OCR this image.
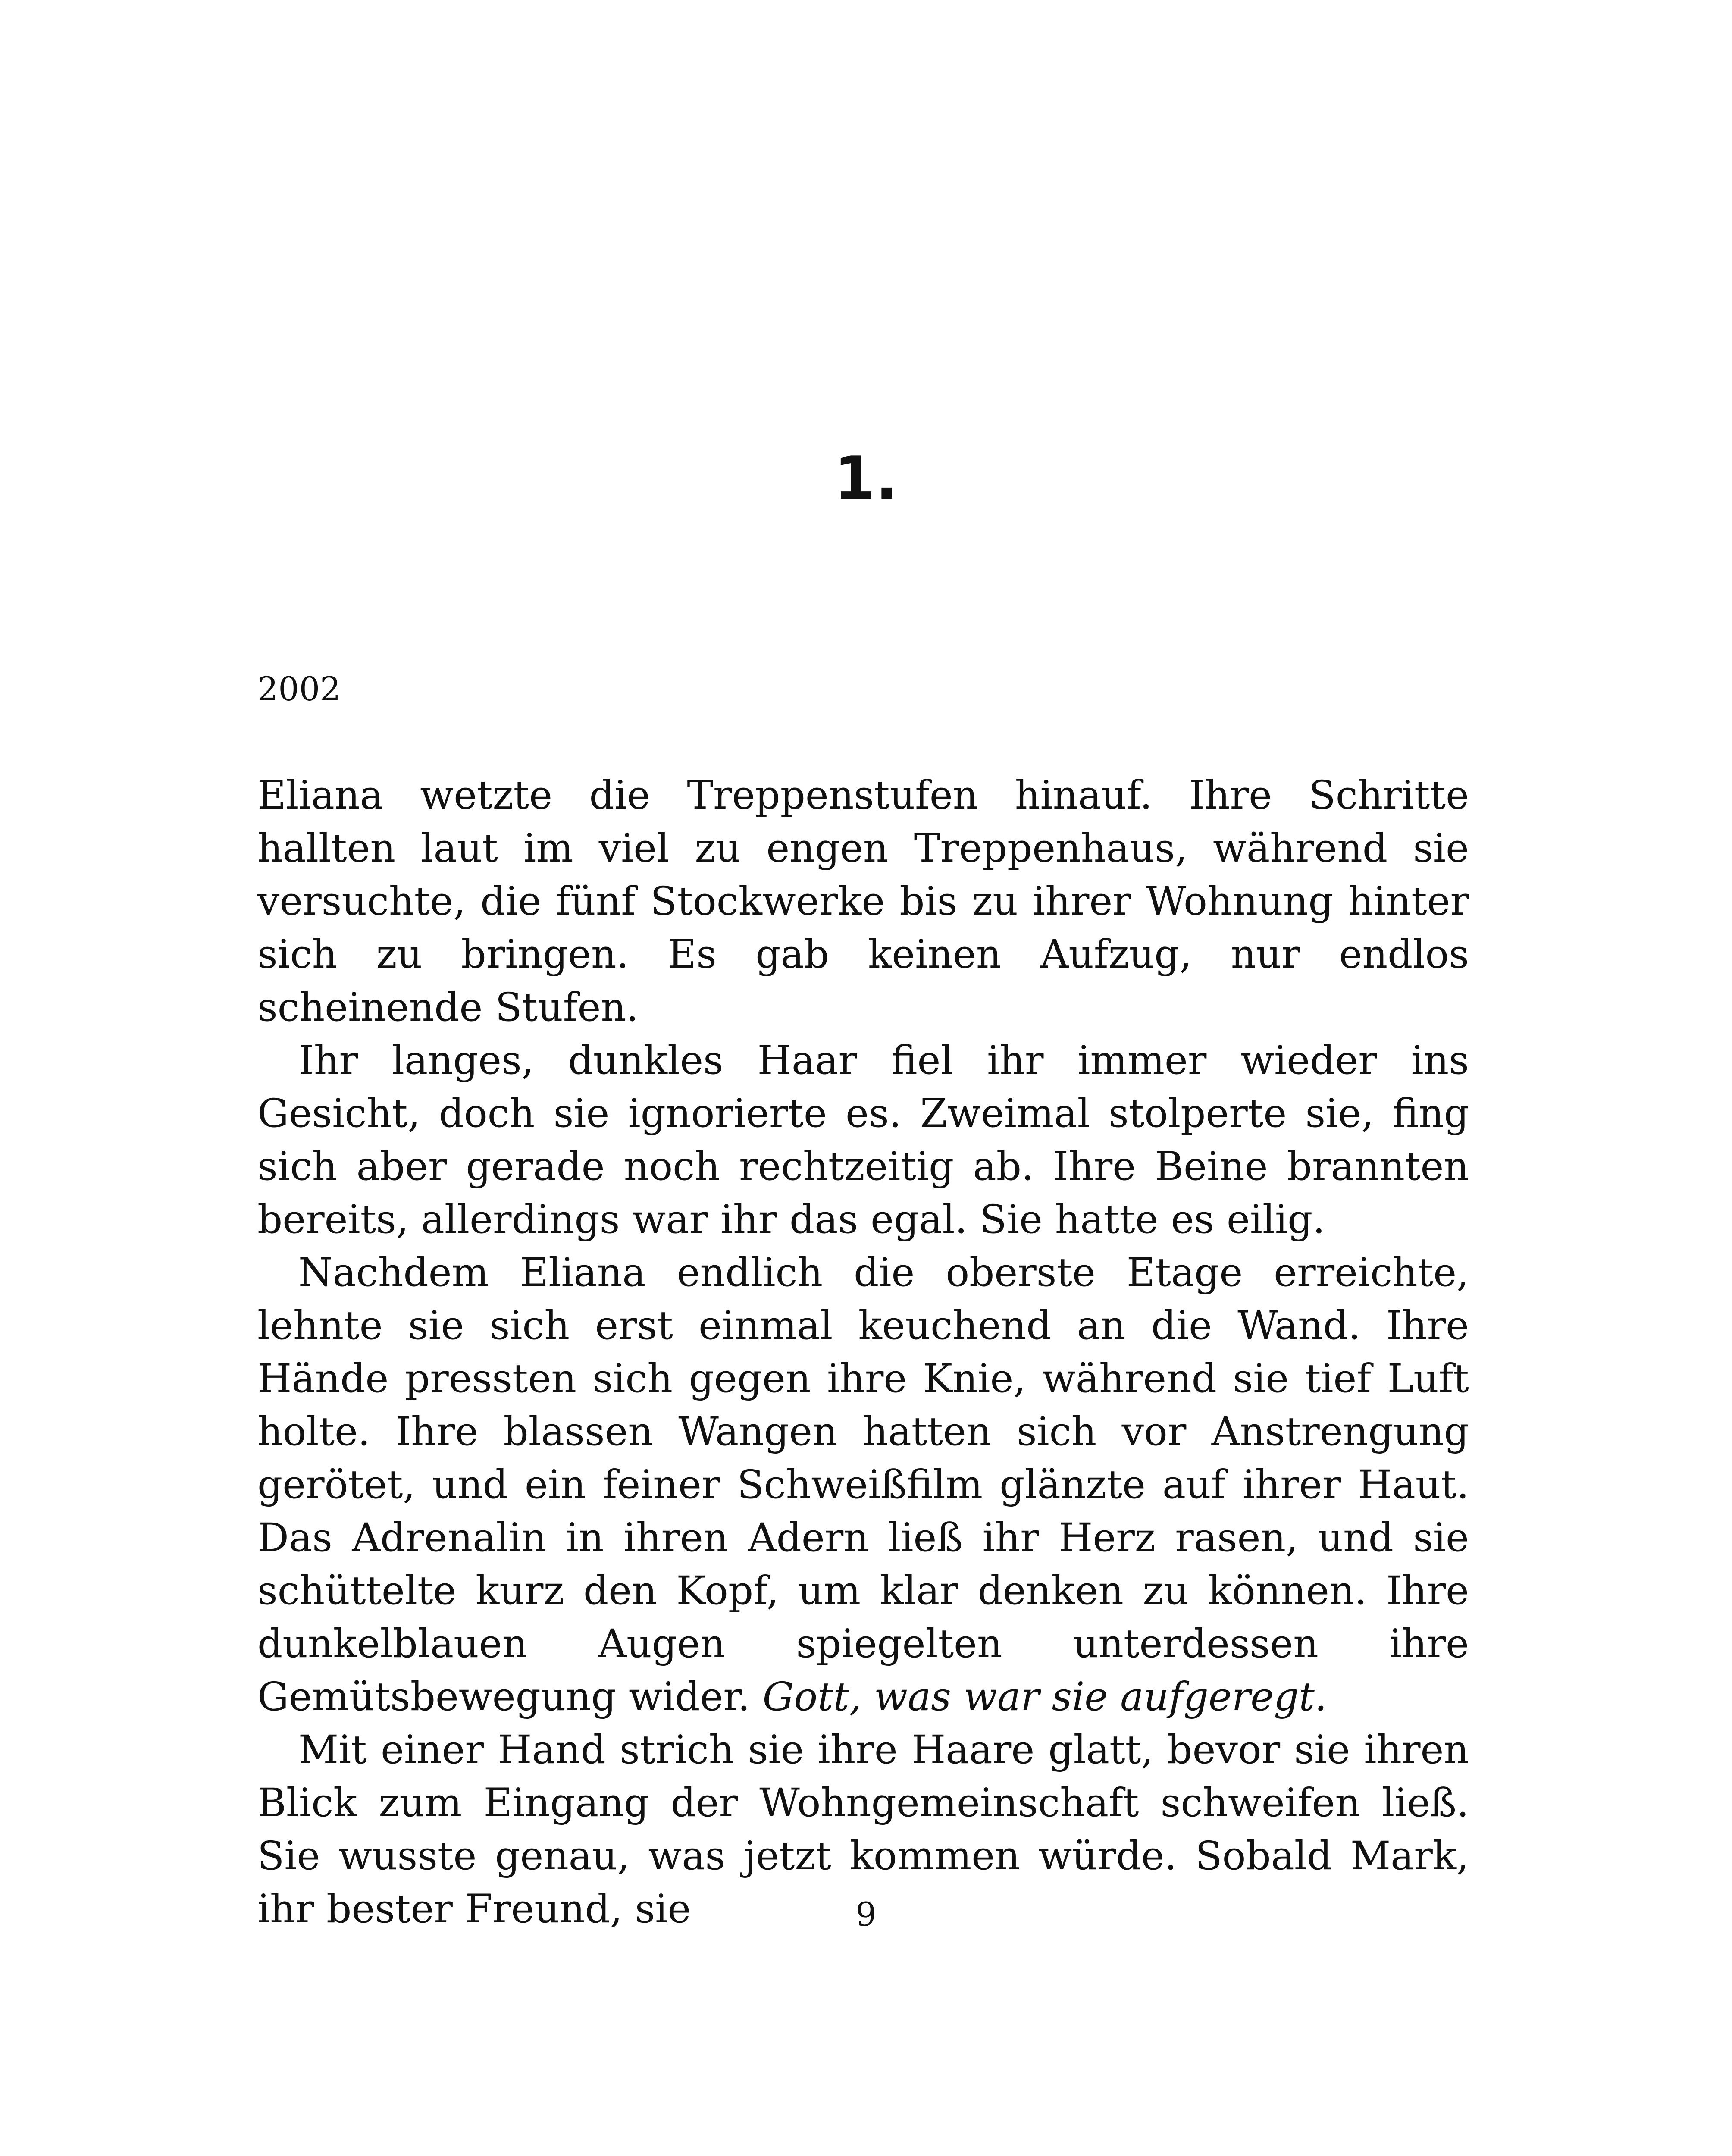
1.
2002

Eliana wetzte die Treppenstufen hinauf. Ihre Schritte hallten laut im viel zu engen Treppenhaus, während sie versuchte, die fünf Stockwerke bis zu ihrer Wohnung hinter sich zu bringen. Es gab keinen Aufzug, nur endlos scheinende Stufen.

Ihr langes, dunkles Haar fiel ihr immer wieder ins Gesicht, doch sie ignorierte es. Zweimal stolperte sie, fing sich aber gerade noch rechtzeitig ab. Ihre Beine brannten bereits, allerdings war ihr das egal. Sie hatte es eilig.

Nachdem Eliana endlich die oberste Etage erreichte, lehnte sie sich erst einmal keuchend an die Wand. Ihre Hände pressten sich gegen ihre Knie, während sie tief Luft holte. Ihre blassen Wangen hatten sich vor Anstrengung gerötet, und ein feiner Schweißfilm glänzte auf ihrer Haut. Das Adrenalin in ihren Adern ließ ihr Herz rasen, und sie schüttelte kurz den Kopf, um klar denken zu können. Ihre dunkelblauen Augen spiegelten unterdessen ihre Gemütsbewegung wider. Gott, was war sie aufgeregt.

Mit einer Hand strich sie ihre Haare glatt, bevor sie ihren Blick zum Eingang der Wohngemeinschaft schweifen ließ. Sie wusste genau, was jetzt kommen würde. Sobald Mark, ihr bester Freund, sie	9
